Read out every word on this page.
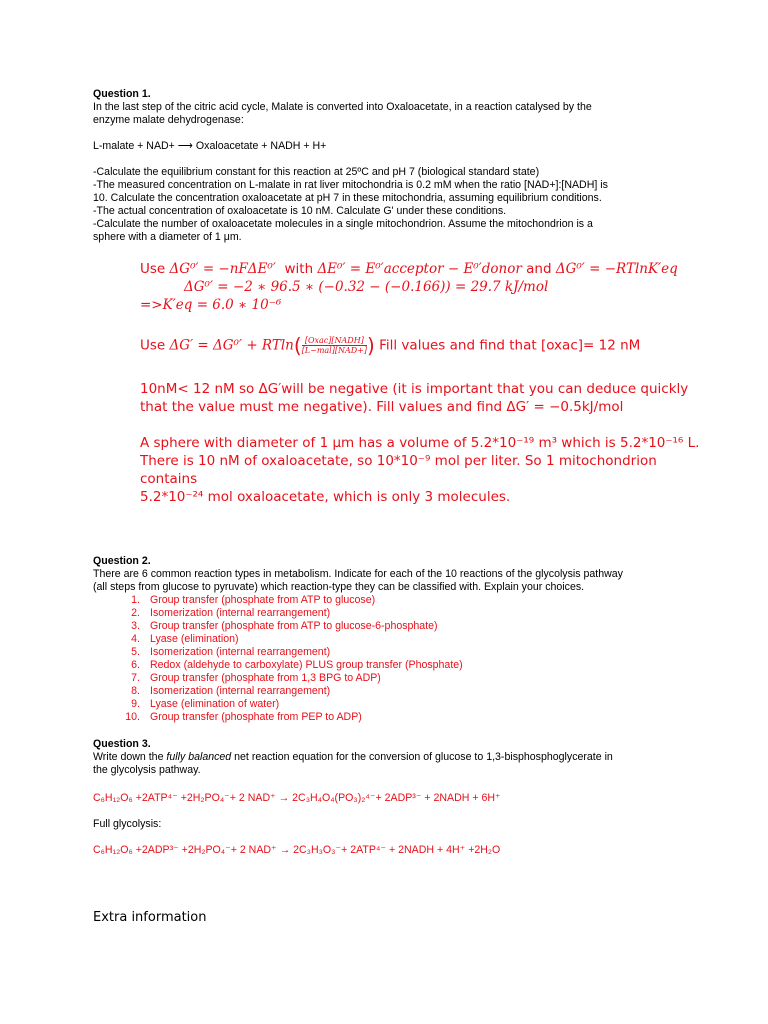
Question 1.
In the last step of the citric acid cycle, Malate is converted into Oxaloacetate, in a reaction catalysed by the
enzyme malate dehydrogenase:
L-malate + NAD+ ⟶ Oxaloacetate + NADH + H+
-Calculate the equilibrium constant for this reaction at 25ºC and pH 7 (biological standard state)
-The measured concentration on L-malate in rat liver mitochondria is 0.2 mM when the ratio [NAD+]:[NADH] is
10. Calculate the concentration oxaloacetate at pH 7 in these mitochondria, assuming equilibrium conditions.
-The actual concentration of oxaloacetate is 10 nM. Calculate G' under these conditions.
-Calculate the number of oxaloacetate molecules in a single mitochondrion. Assume the mitochondrion is a
sphere with a diameter of 1 μm.
Use ΔG⁰′ = −nFΔE⁰′ with ΔE⁰′ = E⁰′acceptor − E⁰′donor and ΔG⁰′ = −RTlnK′eq
ΔG⁰′ = −2 ∗ 96.5 ∗ (−0.32 − (−0.166)) = 29.7 kJ/mol
=>K′eq = 6.0 ∗ 10⁻⁶
Use $\Delta G' = \Delta G^0' + RTln( \frac{\text{[Oxac][NADH]}}{\text{[L−mal][NAD+]}}$ ) Fill values and find that [oxac]= 12 nM
10nM< 12 nM so ΔG′will be negative (it is important that you can deduce quickly
that the value must me negative). Fill values and find ΔG′ = −0.5kJ/mol
A sphere with diameter of 1 μm has a volume of 5.2*10⁻¹⁹ m³ which is 5.2*10⁻¹⁶ L.
There is 10 nM of oxaloacetate, so 10*10⁻⁹ mol per liter. So 1 mitochondrion contains
5.2*10⁻²⁴ mol oxaloacetate, which is only 3 molecules.
Question 2.
There are 6 common reaction types in metabolism. Indicate for each of the 10 reactions of the glycolysis pathway
(all steps from glucose to pyruvate) which reaction-type they can be classified with. Explain your choices.
1. Group transfer (phosphate from ATP to glucose)
2. Isomerization (internal rearrangement)
3. Group transfer (phosphate from ATP to glucose-6-phosphate)
4. Lyase (elimination)
5. Isomerization (internal rearrangement)
6. Redox (aldehyde to carboxylate) PLUS group transfer (Phosphate)
7. Group transfer (phosphate from 1,3 BPG to ADP)
8. Isomerization (internal rearrangement)
9. Lyase (elimination of water)
10. Group transfer (phosphate from PEP to ADP)
Question 3.
Write down the fully balanced net reaction equation for the conversion of glucose to 1,3-bisphosphoglycerate in
the glycolysis pathway.
C₆H₁₂O₆ +2ATP⁴⁻ +2H₂PO₄⁻+ 2 NAD⁺ → 2C₃H₄O₄(PO₃)₂⁴⁻+ 2ADP³⁻ + 2NADH + 6H⁺
Full glycolysis:
C₆H₁₂O₆ +2ADP³⁻ +2H₂PO₄⁻+ 2 NAD⁺ → 2C₃H₃O₃⁻+ 2ATP⁴⁻ + 2NADH + 4H⁺ +2H₂O
Extra information
